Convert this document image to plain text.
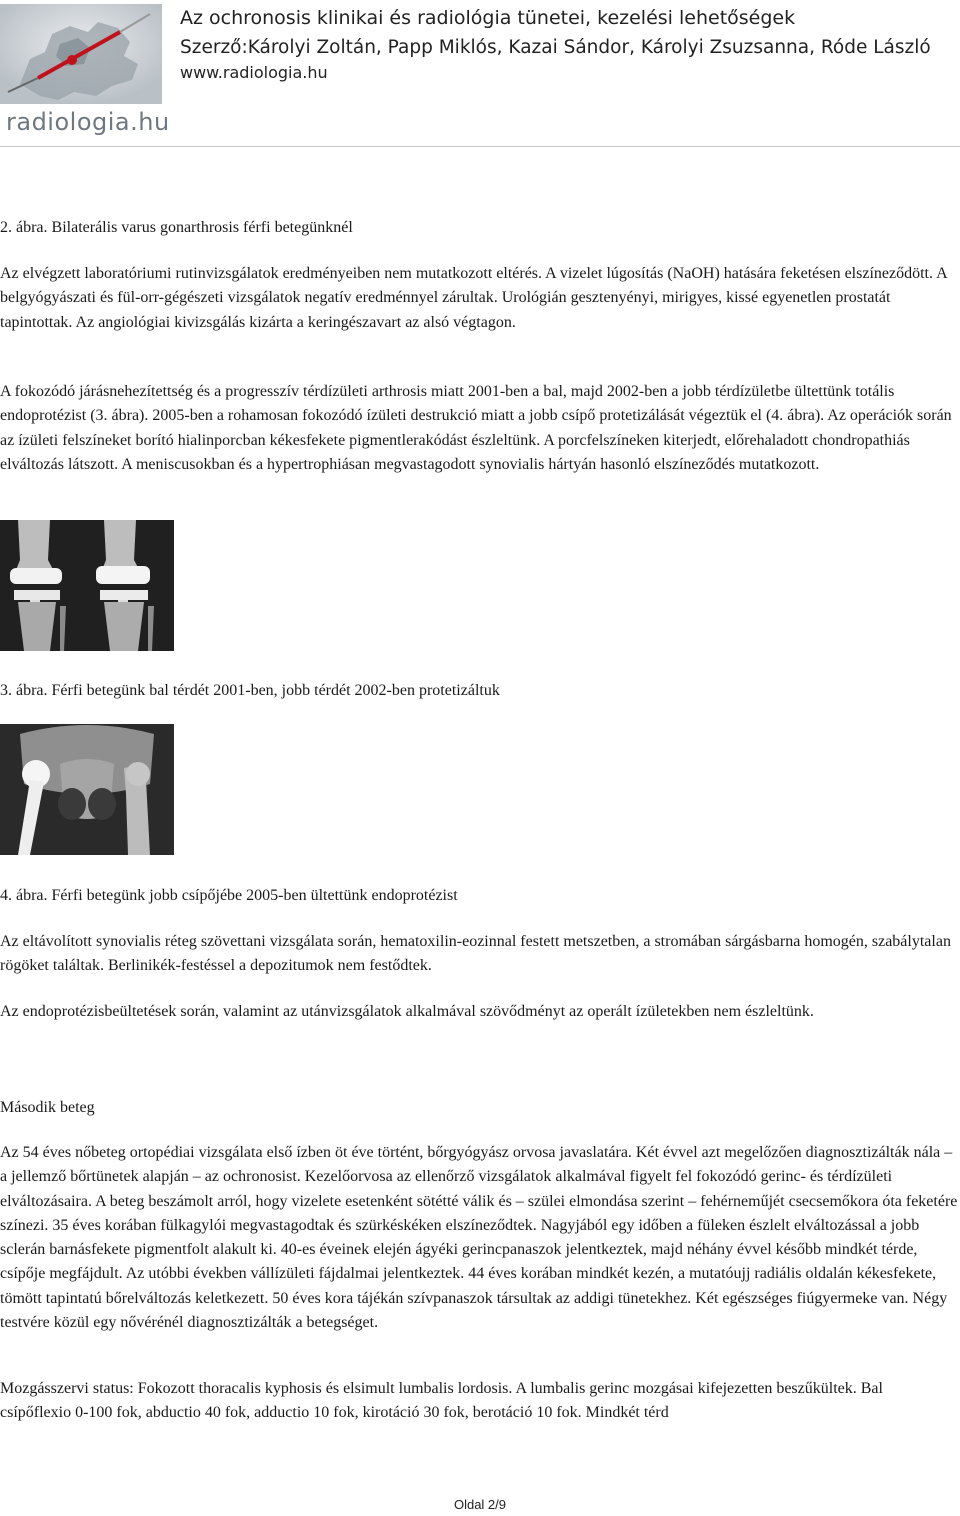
radiologia.hu
Az ochronosis klinikai és radiológia tünetei, kezelési lehetőségek
Szerző:Károlyi Zoltán, Papp Miklós, Kazai Sándor, Károlyi Zsuzsanna, Róde László
www.radiologia.hu

2. ábra. Bilaterális varus gonarthrosis férfi betegünknél

Az elvégzett laboratóriumi rutinvizsgálatok eredményeiben nem mutatkozott eltérés. A vizelet lúgosítás (NaOH) hatására feketésen elszíneződött. A belgyógyászati és fül-orr-gégészeti vizsgálatok negatív eredménnyel zárultak. Urológián gesztenyényi, mirigyes, kissé egyenetlen prostatát tapintottak. Az angiológiai kivizsgálás kizárta a keringészavart az alsó végtagon.

A fokozódó járásnehezítettség és a progresszív térdízületi arthrosis miatt 2001-ben a bal, majd 2002-ben a jobb térdízületbe ültettünk totális endoprotézist (3. ábra). 2005-ben a rohamosan fokozódó ízületi destrukció miatt a jobb csípő protetizálását végeztük el (4. ábra). Az operációk során az ízületi felszíneket borító hialinporcban kékesfekete pigmentlerakódást észleltünk. A porcfelszíneken kiterjedt, előrehaladott chondropathiás elváltozás látszott. A meniscusokban és a hypertrophiásan megvastagodott synovialis hártyán hasonló elszíneződés mutatkozott.

3. ábra. Férfi betegünk bal térdét 2001-ben, jobb térdét 2002-ben protetizáltuk

4. ábra. Férfi betegünk jobb csípőjébe 2005-ben ültettünk endoprotézist

Az eltávolított synovialis réteg szövettani vizsgálata során, hematoxilin-eozinnal festett metszetben, a stromában sárgásbarna homogén, szabálytalan rögöket találtak. Berlinikék-festéssel a depozitumok nem festődtek.

Az endoprotézisbeültetések során, valamint az utánvizsgálatok alkalmával szövődményt az operált ízületekben nem észleltünk.

Második beteg

Az 54 éves nőbeteg ortopédiai vizsgálata első ízben öt éve történt, bőrgyógyász orvosa javaslatára. Két évvel azt megelőzően diagnosztizálták nála – a jellemző bőrtünetek alapján – az ochronosist. Kezelőorvosa az ellenőrző vizsgálatok alkalmával figyelt fel fokozódó gerinc- és térdízületi elváltozásaira. A beteg beszámolt arról, hogy vizelete esetenként sötétté válik és – szülei elmondása szerint – fehérneműjét csecsemőkora óta feketére színezi. 35 éves korában fülkagylói megvastagodtak és szürkéskéken elszíneződtek. Nagyjából egy időben a füleken észlelt elváltozással a jobb sclerán barnásfekete pigmentfolt alakult ki. 40-es éveinek elején ágyéki gerincpanaszok jelentkeztek, majd néhány évvel később mindkét térde, csípője megfájdult. Az utóbbi években vállízületi fájdalmai jelentkeztek. 44 éves korában mindkét kezén, a mutatóujj radiális oldalán kékesfekete, tömött tapintatú bőrelváltozás keletkezett. 50 éves kora tájékán szívpanaszok társultak az addigi tünetekhez. Két egészséges fiúgyermeke van. Négy testvére közül egy nővérénél diagnosztizálták a betegséget.

Mozgásszervi status: Fokozott thoracalis kyphosis és elsimult lumbalis lordosis. A lumbalis gerinc mozgásai kifejezetten beszűkültek. Bal csípőflexio 0-100 fok, abductio 40 fok, adductio 10 fok, kirotáció 30 fok, berotáció 10 fok. Mindkét térd

Oldal 2/9
